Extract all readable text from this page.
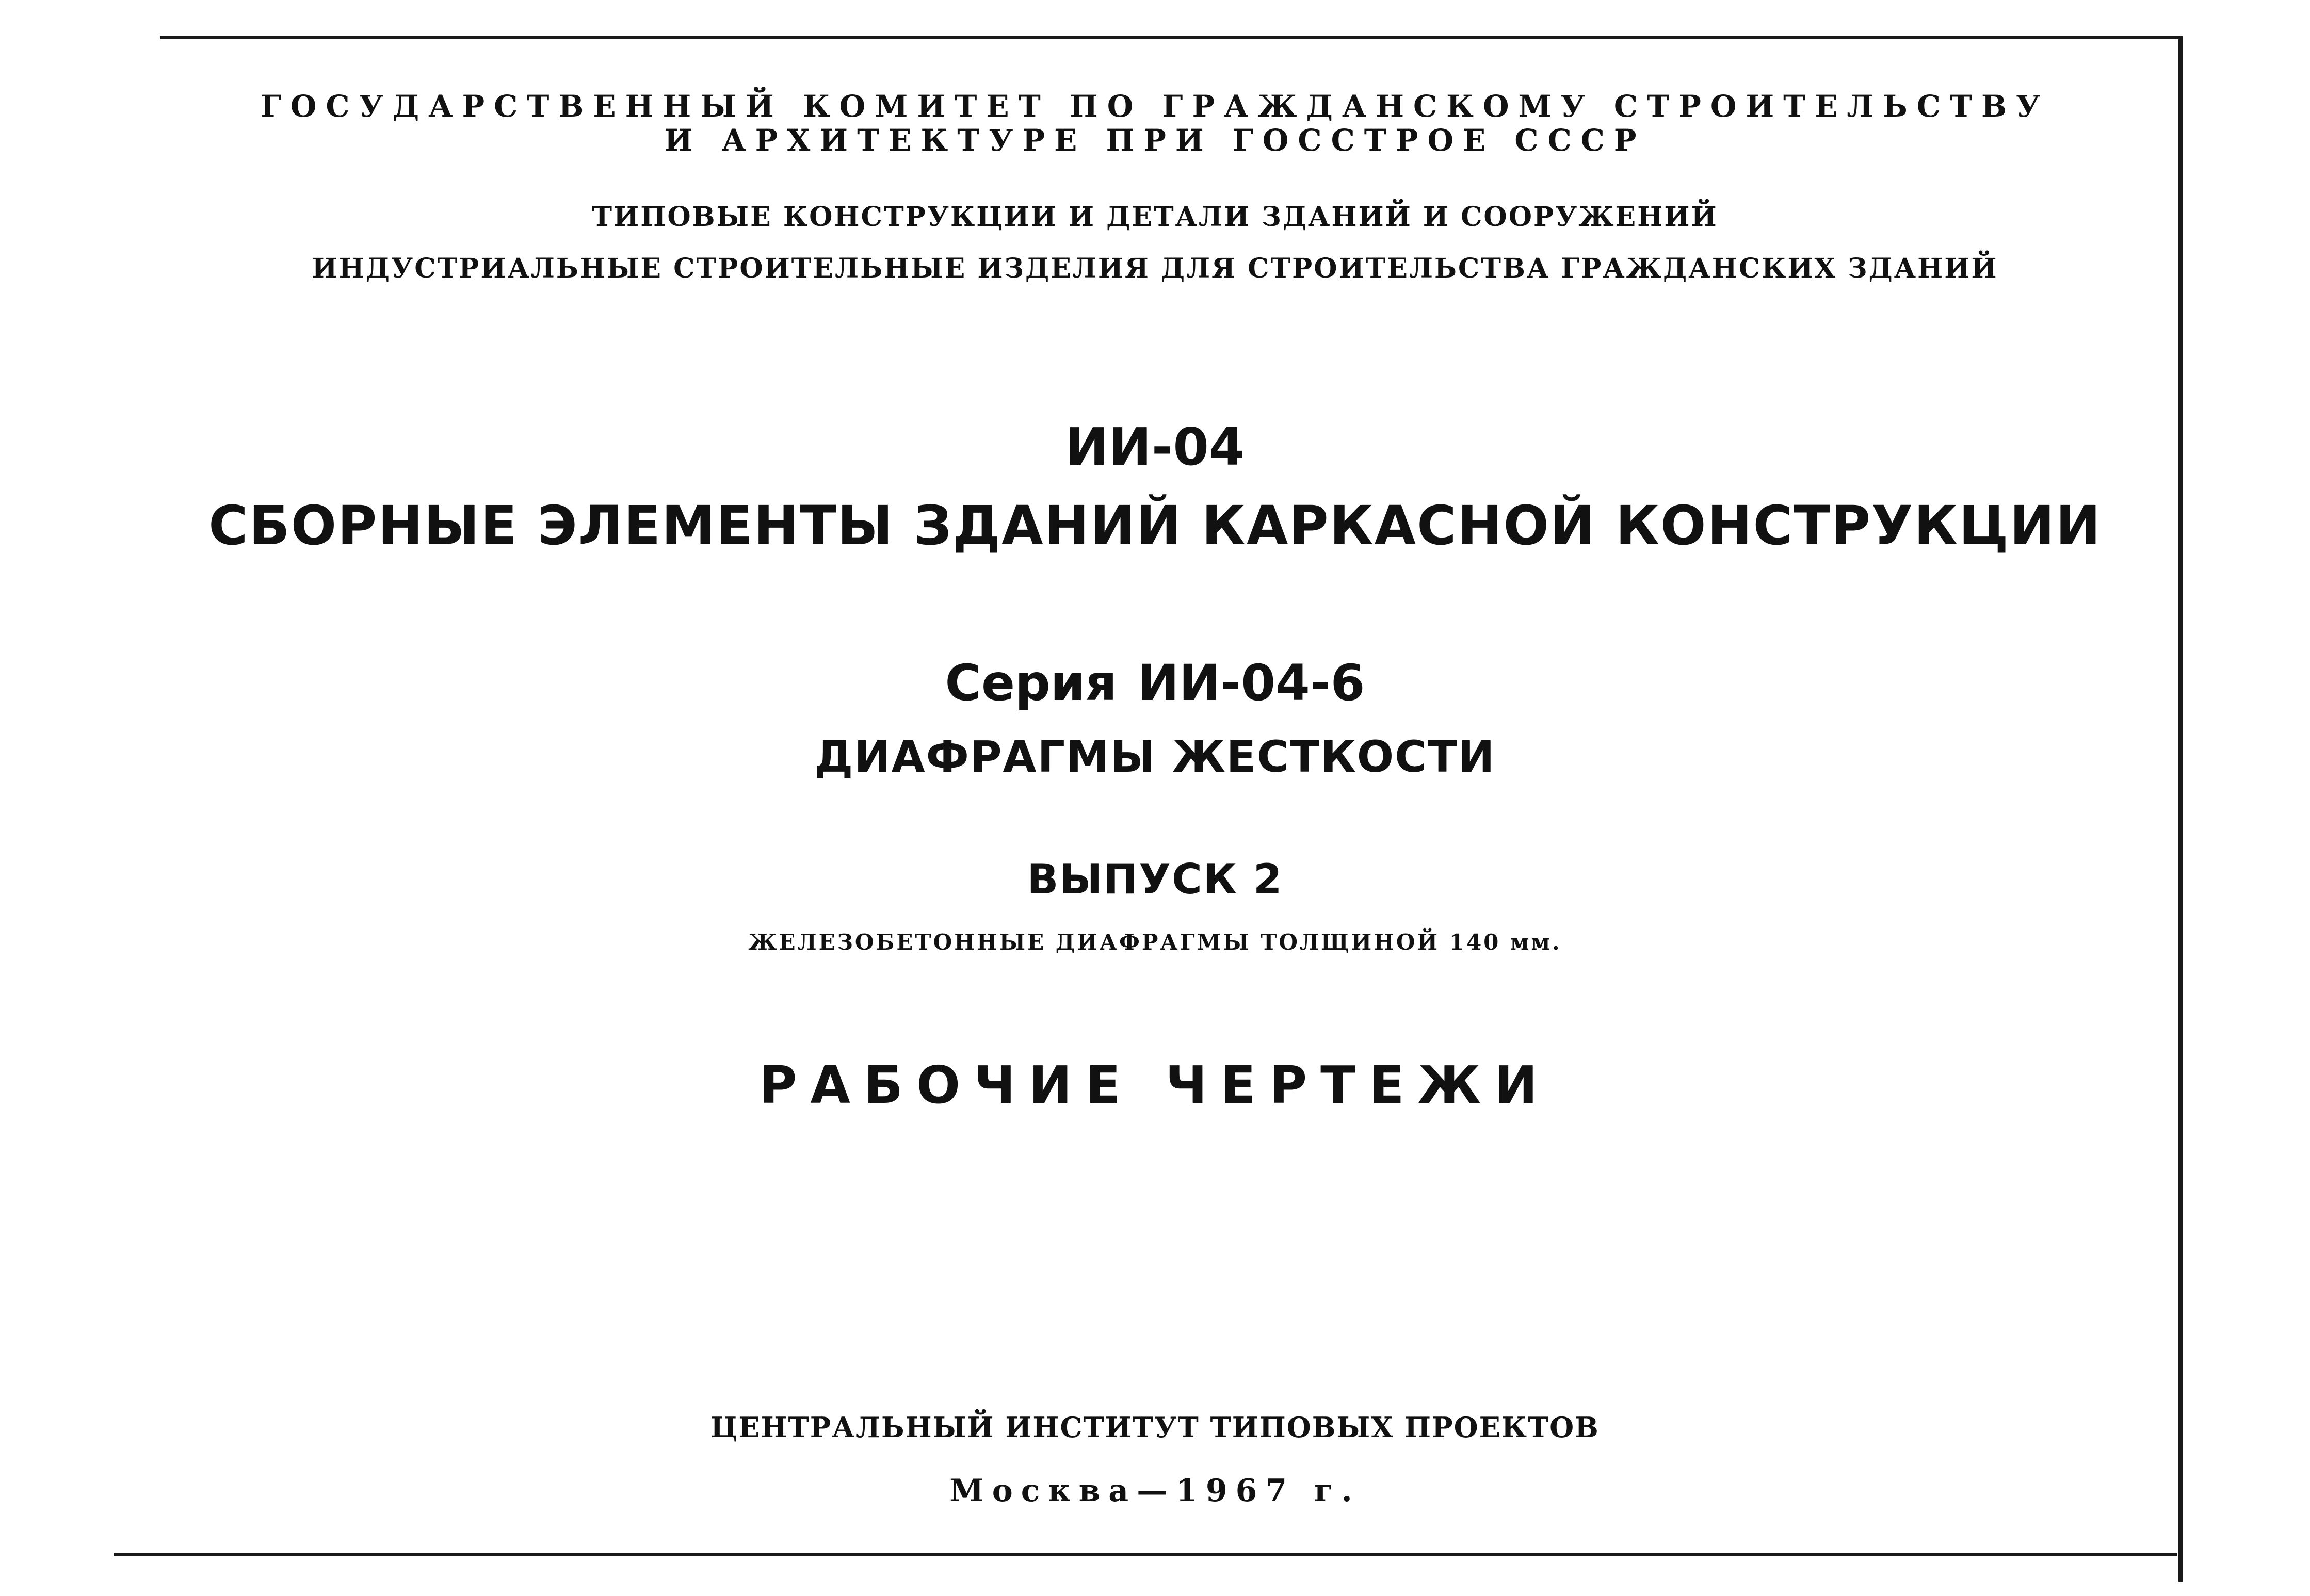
ГОСУДАРСТВЕННЫЙ КОМИТЕТ ПО ГРАЖДАНСКОМУ СТРОИТЕЛЬСТВУ
И АРХИТЕКТУРЕ ПРИ ГОССТРОЕ СССР
ТИПОВЫЕ КОНСТРУКЦИИ И ДЕТАЛИ ЗДАНИЙ И СООРУЖЕНИЙ
ИНДУСТРИАЛЬНЫЕ СТРОИТЕЛЬНЫЕ ИЗДЕЛИЯ ДЛЯ СТРОИТЕЛЬСТВА ГРАЖДАНСКИХ ЗДАНИЙ
ИИ-04
СБОРНЫЕ ЭЛЕМЕНТЫ ЗДАНИЙ КАРКАСНОЙ КОНСТРУКЦИИ
Серия ИИ-04-6
ДИАФРАГМЫ ЖЕСТКОСТИ
ВЫПУСК 2
ЖЕЛЕЗОБЕТОННЫЕ ДИАФРАГМЫ ТОЛЩИНОЙ 140 мм.
РАБОЧИЕ ЧЕРТЕЖИ
ЦЕНТРАЛЬНЫЙ ИНСТИТУТ ТИПОВЫХ ПРОЕКТОВ
Москва—1967 г.
